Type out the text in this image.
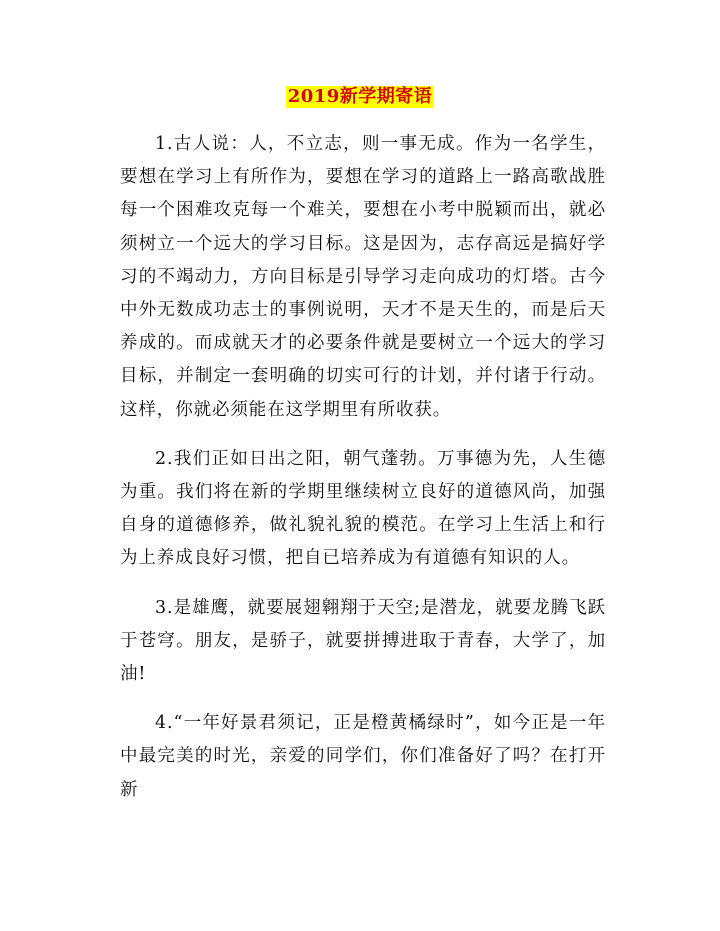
2019新学期寄语

1.古人说：人，不立志，则一事无成。作为一名学生，要想在学习上有所作为，要想在学习的道路上一路高歌战胜每一个困难攻克每一个难关，要想在小考中脱颖而出，就必须树立一个远大的学习目标。这是因为，志存高远是搞好学习的不竭动力，方向目标是引导学习走向成功的灯塔。古今中外无数成功志士的事例说明，天才不是天生的，而是后天养成的。而成就天才的必要条件就是要树立一个远大的学习目标，并制定一套明确的切实可行的计划，并付诸于行动。这样，你就必须能在这学期里有所收获。

2.我们正如日出之阳，朝气蓬勃。万事德为先，人生德为重。我们将在新的学期里继续树立良好的道德风尚，加强自身的道德修养，做礼貌礼貌的模范。在学习上生活上和行为上养成良好习惯，把自已培养成为有道德有知识的人。

3.是雄鹰，就要展翅翱翔于天空;是潜龙，就要龙腾飞跃于苍穹。朋友，是骄子，就要拼搏进取于青春，大学了，加油!

4.“一年好景君须记，正是橙黄橘绿时”，如今正是一年中最完美的时光，亲爱的同学们，你们准备好了吗？在打开新
